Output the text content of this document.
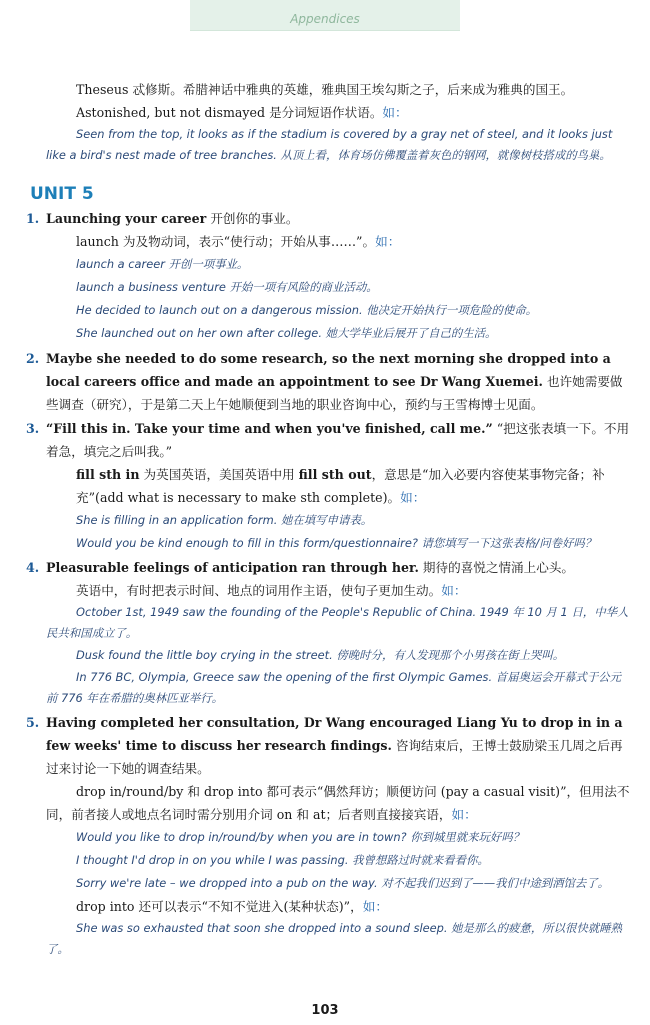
Appendices
Theseus 忒修斯。希腊神话中雅典的英雄，雅典国王埃勾斯之子，后来成为雅典的国王。
Astonished, but not dismayed 是分词短语作状语。如：
Seen from the top, it looks as if the stadium is covered by a gray net of steel, and it looks just like a bird's nest made of tree branches. 从顶上看，体育场仿佛覆盖着灰色的钢网，就像树枝搭成的鸟巢。
UNIT 5
1. Launching your career 开创你的事业。
launch 为及物动词，表示“使行动；开始从事……”。如：
launch a career 开创一项事业。
launch a business venture 开始一项有风险的商业活动。
He decided to launch out on a dangerous mission. 他决定开始执行一项危险的使命。
She launched out on her own after college. 她大学毕业后展开了自己的生活。
2. Maybe she needed to do some research, so the next morning she dropped into a local careers office and made an appointment to see Dr Wang Xuemei. 也许她需要做些调查（研究），于是第二天上午她顺便到当地的职业咨询中心，预约与王雪梅博士见面。
3. “Fill this in. Take your time and when you've finished, call me.” “把这张表填一下。不用着急，填完之后叫我。”
fill sth in 为英国英语，美国英语中用 fill sth out，意思是“加入必要内容使某事物完备；补充”(add what is necessary to make sth complete)。如：
She is filling in an application form. 她在填写申请表。
Would you be kind enough to fill in this form/questionnaire? 请您填写一下这张表格/问卷好吗？
4. Pleasurable feelings of anticipation ran through her. 期待的喜悦之情涌上心头。
英语中，有时把表示时间、地点的词用作主语，使句子更加生动。如：
October 1st, 1949 saw the founding of the People's Republic of China. 1949 年 10 月 1 日，中华人民共和国成立了。
Dusk found the little boy crying in the street. 傍晚时分，有人发现那个小男孩在街上哭叫。
In 776 BC, Olympia, Greece saw the opening of the first Olympic Games. 首届奥运会开幕式于公元前 776 年在希腊的奥林匹亚举行。
5. Having completed her consultation, Dr Wang encouraged Liang Yu to drop in in a few weeks' time to discuss her research findings. 咨询结束后，王博士鼓励梁玉几周之后再过来讨论一下她的调查结果。
drop in/round/by 和 drop into 都可表示“偶然拜访；顺便访问 (pay a casual visit)”，但用法不同，前者接人或地点名词时需分别用介词 on 和 at；后者则直接接宾语，如：
Would you like to drop in/round/by when you are in town? 你到城里就来玩好吗？
I thought I'd drop in on you while I was passing. 我曾想路过时就来看看你。
Sorry we're late – we dropped into a pub on the way. 对不起我们迟到了——我们中途到酒馆去了。
drop into 还可以表示“不知不觉进入(某种状态)”，如：
She was so exhausted that soon she dropped into a sound sleep. 她是那么的疲惫，所以很快就睡熟了。
103
